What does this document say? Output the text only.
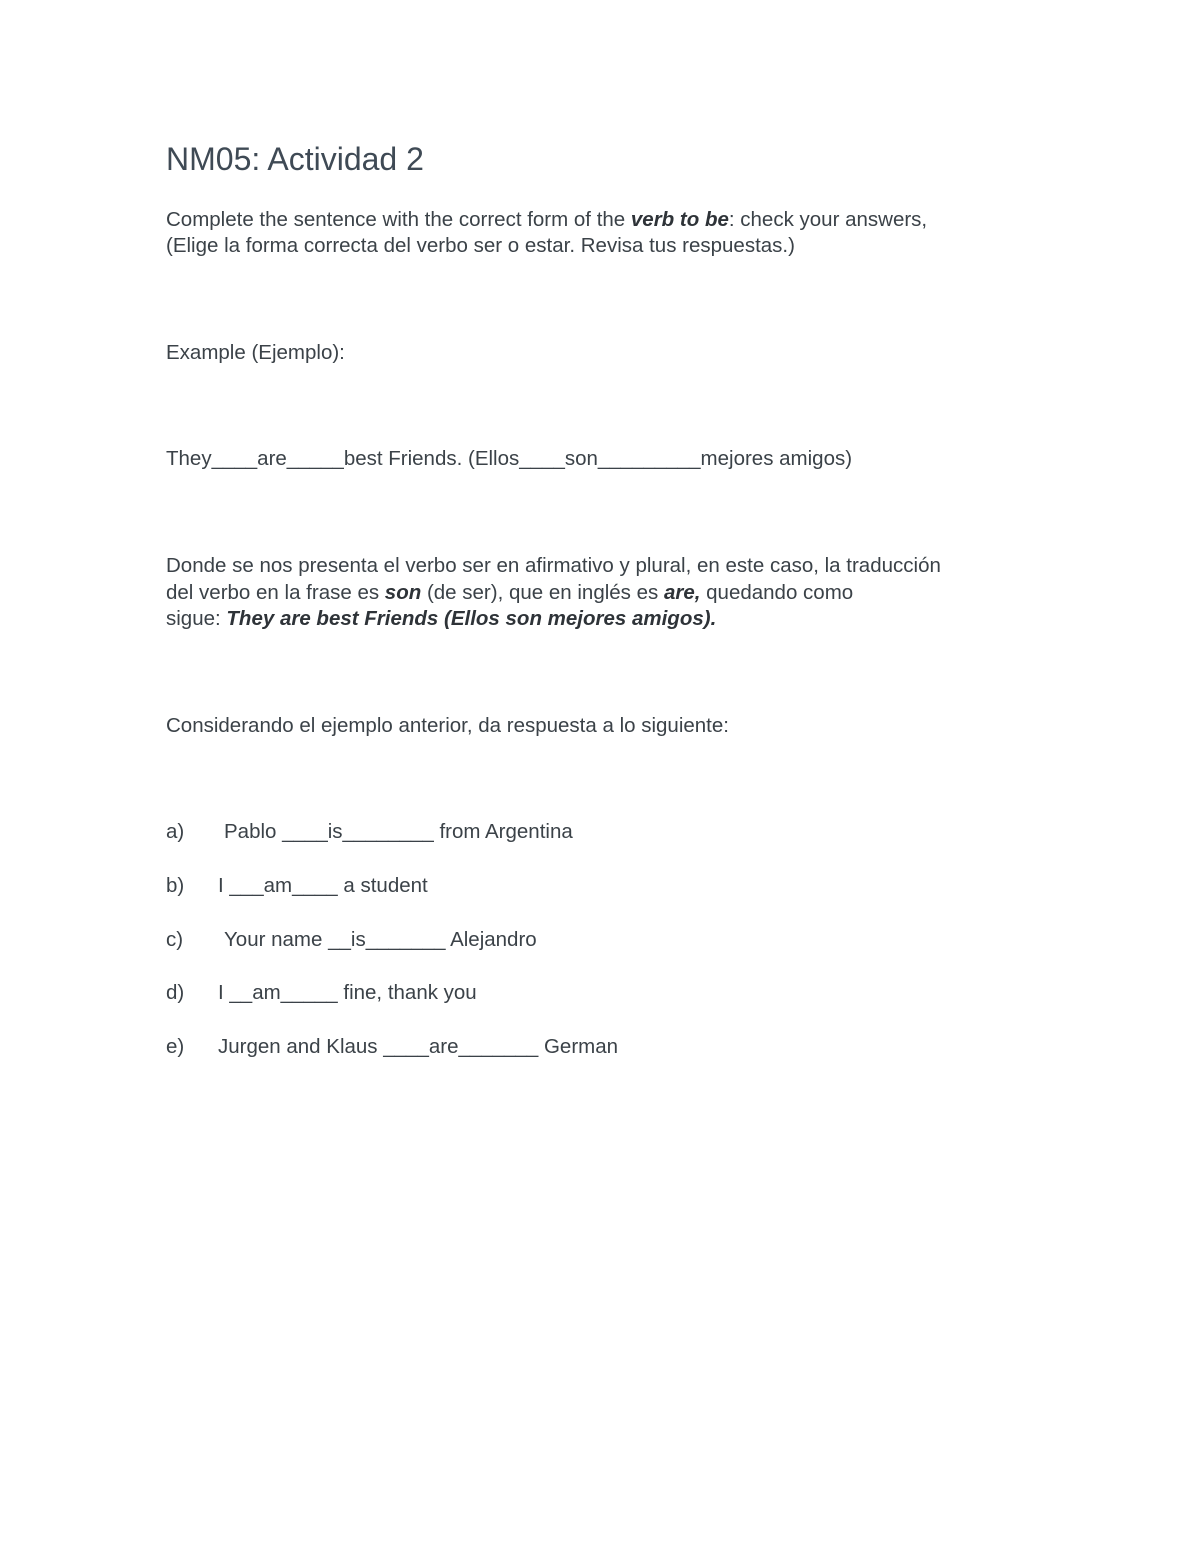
NM05: Actividad 2
Complete the sentence with the correct form of the verb to be: check your answers,
(Elige la forma correcta del verbo ser o estar. Revisa tus respuestas.)
Example (Ejemplo):
They____are_____best Friends. (Ellos____son_________mejores amigos)
Donde se nos presenta el verbo ser en afirmativo y plural, en este caso, la traducción
del verbo en la frase es son (de ser), que en inglés es are, quedando como
sigue: They are best Friends (Ellos son mejores amigos).
Considerando el ejemplo anterior, da respuesta a lo siguiente:
a) Pablo ____is________ from Argentina
b) I ___am____ a student
c) Your name __is_______ Alejandro
d) I __am_____ fine, thank you
e) Jurgen and Klaus ____are_______ German
